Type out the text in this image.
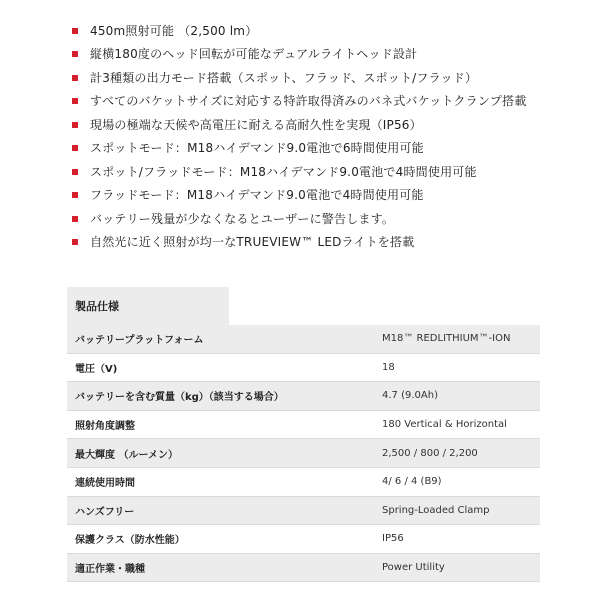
450m照射可能 （2,500 lm）
縦横180度のヘッド回転が可能なデュアルライトヘッド設計
計3種類の出力モード搭載（スポット、フラッド、スポット/フラッド）
すべてのバケットサイズに対応する特許取得済みのバネ式バケットクランプ搭載
現場の極端な天候や高電圧に耐える高耐久性を実現（IP56）
スポットモード：M18ハイデマンド9.0電池で6時間使用可能
スポット/フラッドモード：M18ハイデマンド9.0電池で4時間使用可能
フラッドモード：M18ハイデマンド9.0電池で4時間使用可能
バッテリー残量が少なくなるとユーザーに警告します。
自然光に近く照射が均一なTRUEVIEW™ LEDライトを搭載
製品仕様
バッテリープラットフォーム	M18™ REDLITHIUM™-ION
電圧（V)	18
バッテリーを含む質量（kg）（該当する場合）	4.7 (9.0Ah)
照射角度調整	180 Vertical & Horizontal
最大輝度 （ルーメン）	2,500 / 800 / 2,200
連続使用時間	4/ 6 / 4 (B9)
ハンズフリー	Spring-Loaded Clamp
保護クラス（防水性能）	IP56
適正作業・職種	Power Utility
